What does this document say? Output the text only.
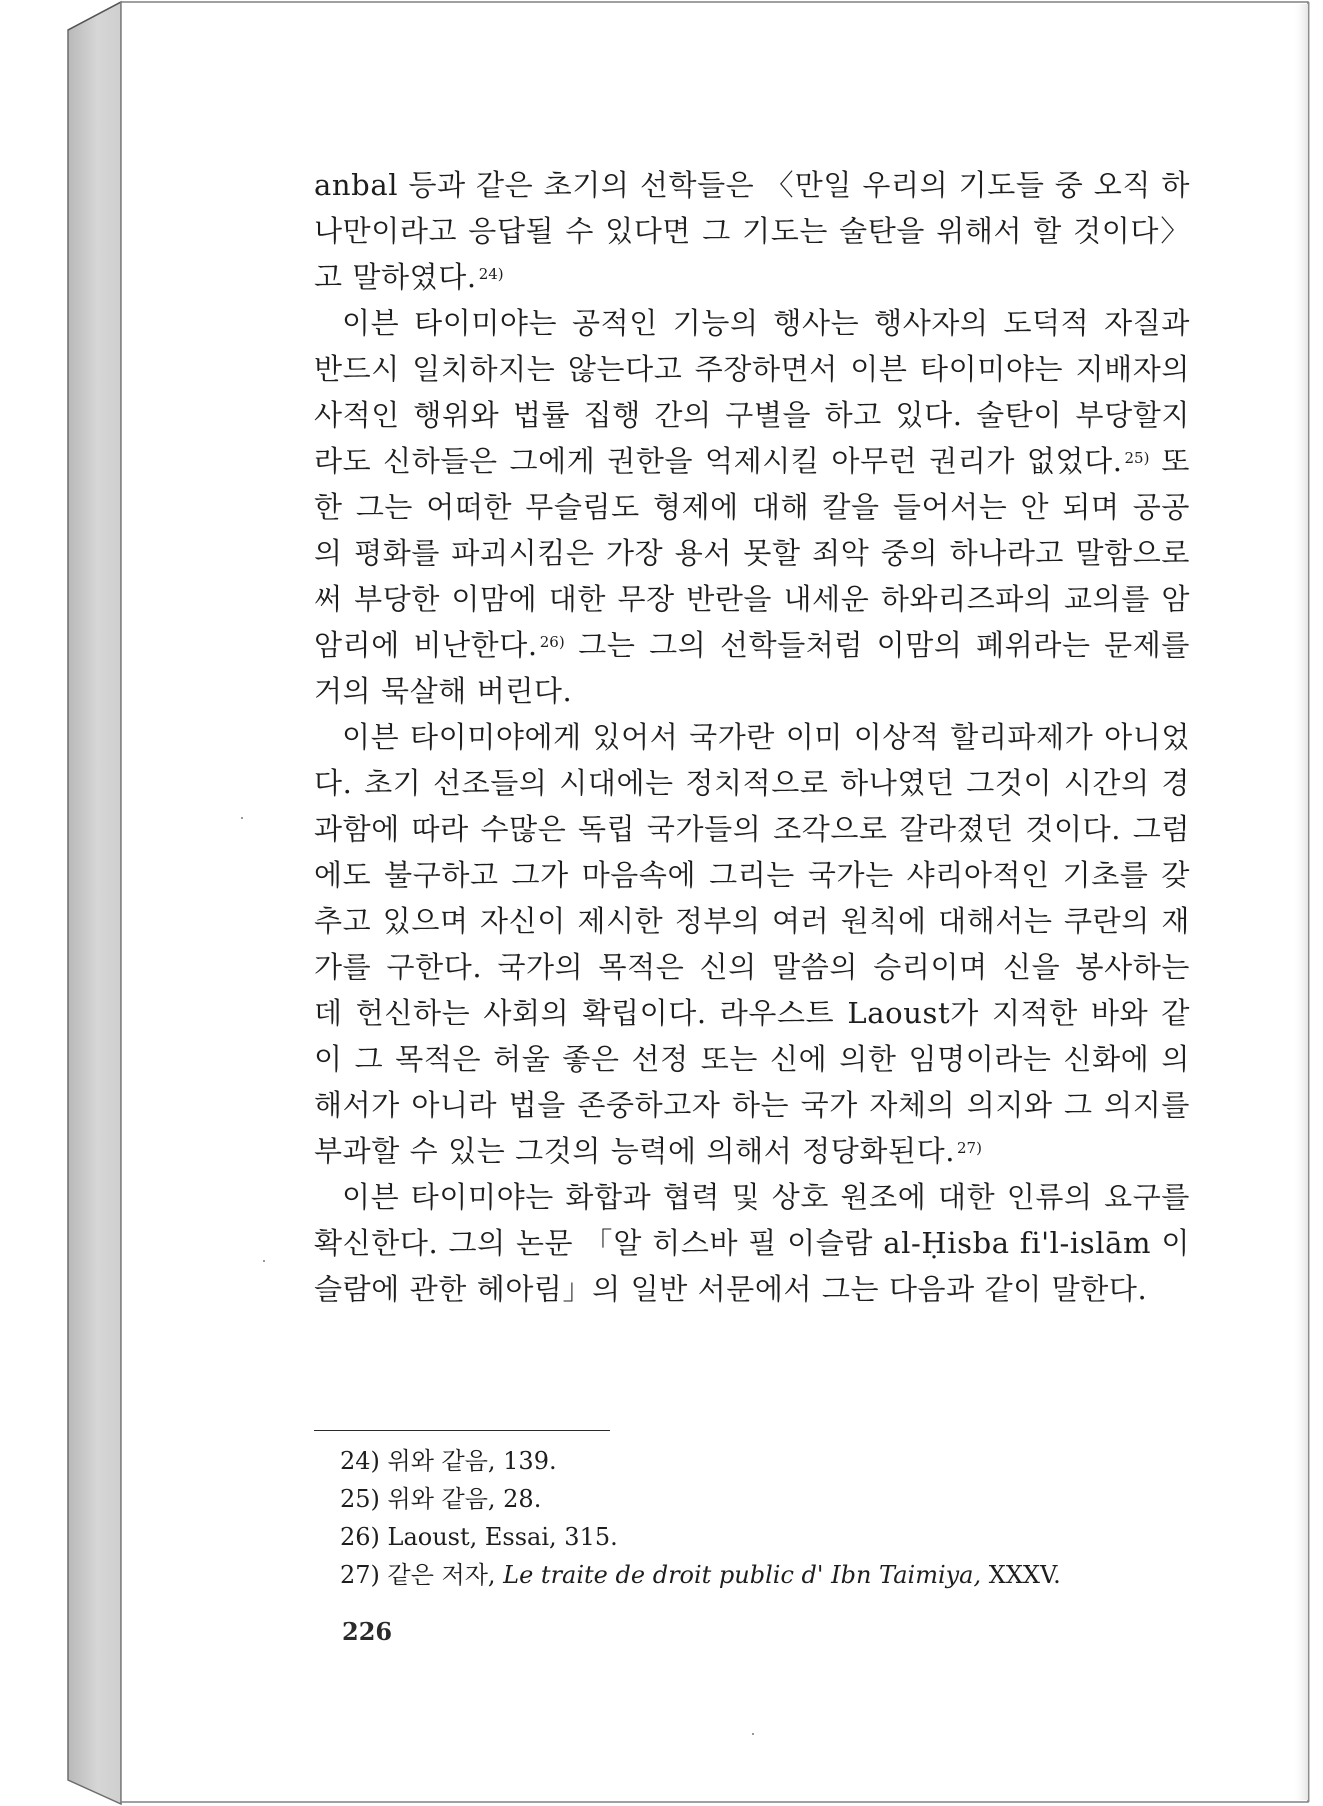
anbal 등과 같은 초기의 선학들은 〈만일 우리의 기도들 중 오직 하
나만이라고 응답될 수 있다면 그 기도는 술탄을 위해서 할 것이다〉
고 말하였다. $^{24)}$
이븐 타이미야는 공적인 기능의 행사는 행사자의 도덕적 자질과
반드시 일치하지는 않는다고 주장하면서 이븐 타이미야는 지배자의
사적인 행위와 법률 집행 간의 구별을 하고 있다. 술탄이 부당할지
라도 신하들은 그에게 권한을 억제시킬 아무런 권리가 없었다. $^{25)}$ 또
한 그는 어떠한 무슬림도 형제에 대해 칼을 들어서는 안 되며 공공
의 평화를 파괴시킴은 가장 용서 못할 죄악 중의 하나라고 말함으로
써 부당한 이맘에 대한 무장 반란을 내세운 하와리즈파의 교의를 암
암리에 비난한다. $^{26)}$ 그는 그의 선학들처럼 이맘의 폐위라는 문제를
거의 묵살해 버린다.
이븐 타이미야에게 있어서 국가란 이미 이상적 할리파제가 아니었
다. 초기 선조들의 시대에는 정치적으로 하나였던 그것이 시간의 경
과함에 따라 수많은 독립 국가들의 조각으로 갈라졌던 것이다. 그럼
에도 불구하고 그가 마음속에 그리는 국가는 샤리아적인 기초를 갖
추고 있으며 자신이 제시한 정부의 여러 원칙에 대해서는 쿠란의 재
가를 구한다. 국가의 목적은 신의 말씀의 승리이며 신을 봉사하는
데 헌신하는 사회의 확립이다. 라우스트 Laoust가 지적한 바와 같
이 그 목적은 허울 좋은 선정 또는 신에 의한 임명이라는 신화에 의
해서가 아니라 법을 존중하고자 하는 국가 자체의 의지와 그 의지를
부과할 수 있는 그것의 능력에 의해서 정당화된다. $^{27)}$
이븐 타이미야는 화합과 협력 및 상호 원조에 대한 인류의 요구를
확신한다. 그의 논문 「알 히스바 필 이슬람 al-Ḥisba fi'l-islām 이
슬람에 관한 헤아림」의 일반 서문에서 그는 다음과 같이 말한다.
24) 위와 같음, 139.
25) 위와 같음, 28.
26) Laoust, Essai, 315.
27) 같은 저자, Le traite de droit public d' Ibn Taimiya, XXXV.
226
